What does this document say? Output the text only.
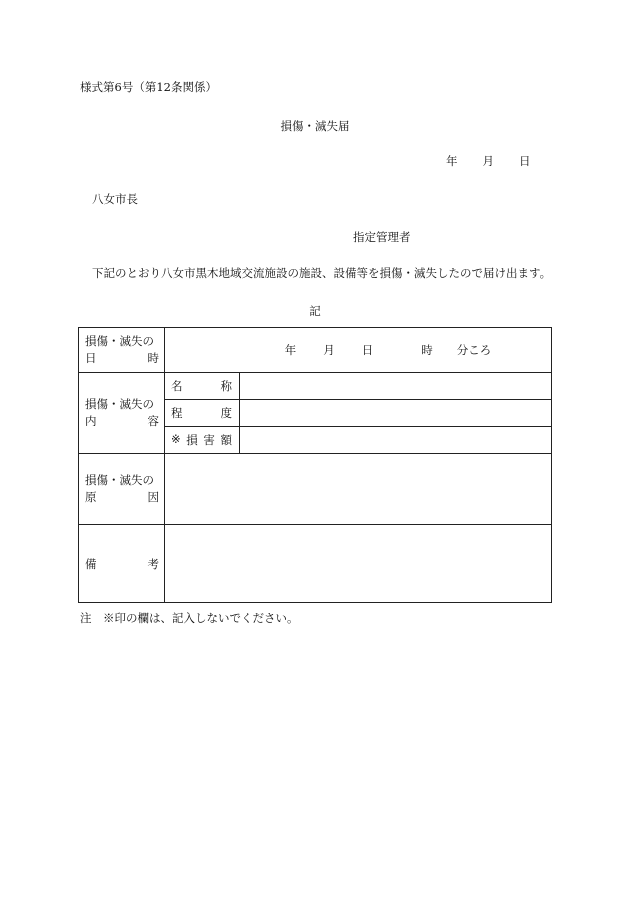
様式第6号（第12条関係）
損傷・滅失届
年 月 日
八女市長
指定管理者
下記のとおり八女市黒木地域交流施設の施設、設備等を損傷・滅失したので届け出ます。
記
損傷・滅失の
日 時	年 月 日 時 分ころ	

損傷・滅失の
内 容	名 称	

	程 度	

	※ 損 害 額	

損傷・滅失の
原 因		

備 考		

注　※印の欄は、記入しないでください。
